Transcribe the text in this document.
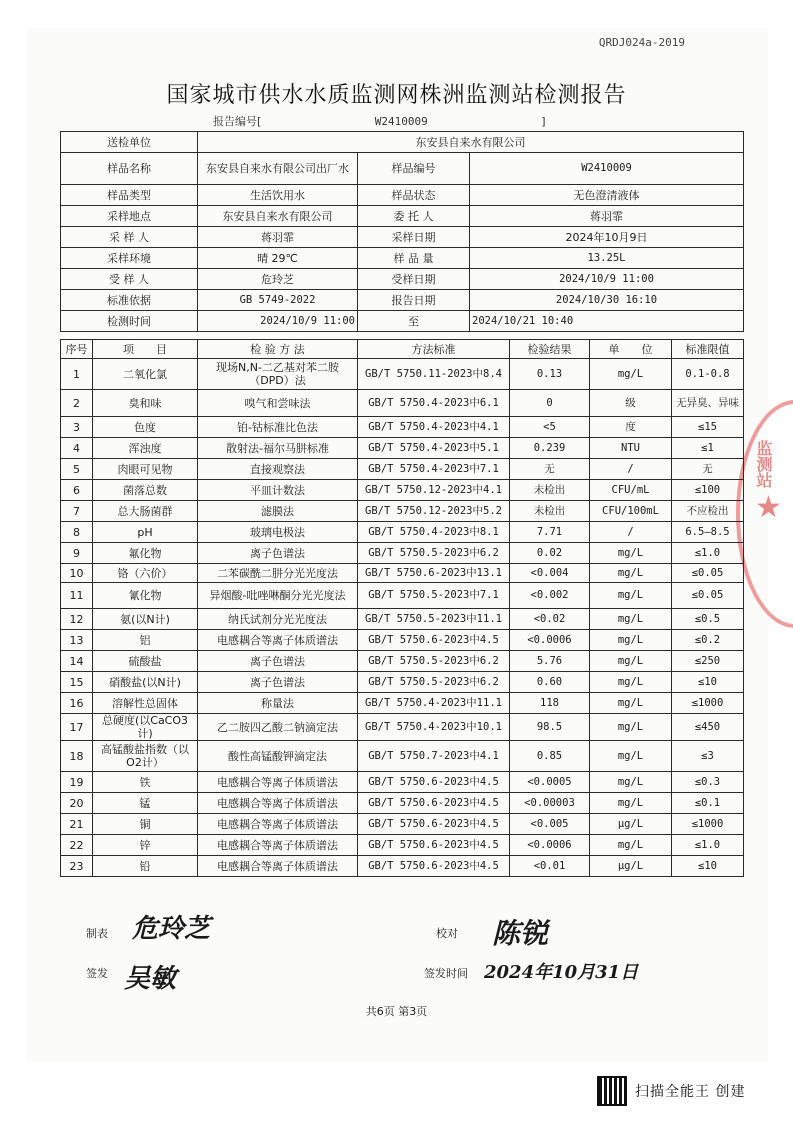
监测站
★
QRDJ024a-2019
国家城市供水水质监测网株洲监测站检测报告
报告编号[	W2410009	]
送检单位	东安县自来水有限公司		
样品名称	东安县自来水有限公司出厂水	样品编号	W2410009
样品类型	生活饮用水	样品状态	无色澄清液体
采样地点	东安县自来水有限公司	委 托 人	蒋羽霏
采 样 人	蒋羽霏	采样日期	2024年10月9日
采样环境	晴 29℃	样 品 量	13.25L
受 样 人	危玲芝	受样日期	2024/10/9 11:00
标准依据	GB 5749-2022	报告日期	2024/10/30 16:10
检测时间	2024/10/9 11:00	至	2024/10/21 10:40
序号	项　　目	检 验 方 法	方法标准	检验结果	单　　位	标准限值
1	二氧化氯	现场N,N-二乙基对苯二胺（DPD）法	GB/T 5750.11-2023中8.4	0.13	mg/L	0.1-0.8
2	臭和味	嗅气和尝味法	GB/T 5750.4-2023中6.1	0	级	无异臭、异味
3	色度	铂-钴标准比色法	GB/T 5750.4-2023中4.1	<5	度	≤15
4	浑浊度	散射法-福尔马肼标准	GB/T 5750.4-2023中5.1	0.239	NTU	≤1
5	肉眼可见物	直接观察法	GB/T 5750.4-2023中7.1	无	/	无
6	菌落总数	平皿计数法	GB/T 5750.12-2023中4.1	未检出	CFU/mL	≤100
7	总大肠菌群	滤膜法	GB/T 5750.12-2023中5.2	未检出	CFU/100mL	不应检出
8	pH	玻璃电极法	GB/T 5750.4-2023中8.1	7.71	/	6.5—8.5
9	氟化物	离子色谱法	GB/T 5750.5-2023中6.2	0.02	mg/L	≤1.0
10	铬（六价）	二苯碳酰二肼分光光度法	GB/T 5750.6-2023中13.1	<0.004	mg/L	≤0.05
11	氰化物	异烟酸-吡唑啉酮分光光度法	GB/T 5750.5-2023中7.1	<0.002	mg/L	≤0.05
12	氨(以N计)	纳氏试剂分光光度法	GB/T 5750.5-2023中11.1	<0.02	mg/L	≤0.5
13	铝	电感耦合等离子体质谱法	GB/T 5750.6-2023中4.5	<0.0006	mg/L	≤0.2
14	硫酸盐	离子色谱法	GB/T 5750.5-2023中6.2	5.76	mg/L	≤250
15	硝酸盐(以N计)	离子色谱法	GB/T 5750.5-2023中6.2	0.60	mg/L	≤10
16	溶解性总固体	称量法	GB/T 5750.4-2023中11.1	118	mg/L	≤1000
17	总硬度(以CaCO3计)	乙二胺四乙酸二钠滴定法	GB/T 5750.4-2023中10.1	98.5	mg/L	≤450
18	高锰酸盐指数（以O2计）	酸性高锰酸钾滴定法	GB/T 5750.7-2023中4.1	0.85	mg/L	≤3
19	铁	电感耦合等离子体质谱法	GB/T 5750.6-2023中4.5	<0.0005	mg/L	≤0.3
20	锰	电感耦合等离子体质谱法	GB/T 5750.6-2023中4.5	<0.00003	mg/L	≤0.1
21	铜	电感耦合等离子体质谱法	GB/T 5750.6-2023中4.5	<0.005	μg/L	≤1000
22	锌	电感耦合等离子体质谱法	GB/T 5750.6-2023中4.5	<0.0006	mg/L	≤1.0
23	铅	电感耦合等离子体质谱法	GB/T 5750.6-2023中4.5	<0.01	μg/L	≤10
制表 危玲芝	校对 陈锐
签发 吴敏	签发时间 2024年10月31日
共6页 第3页
扫描全能王 创建
